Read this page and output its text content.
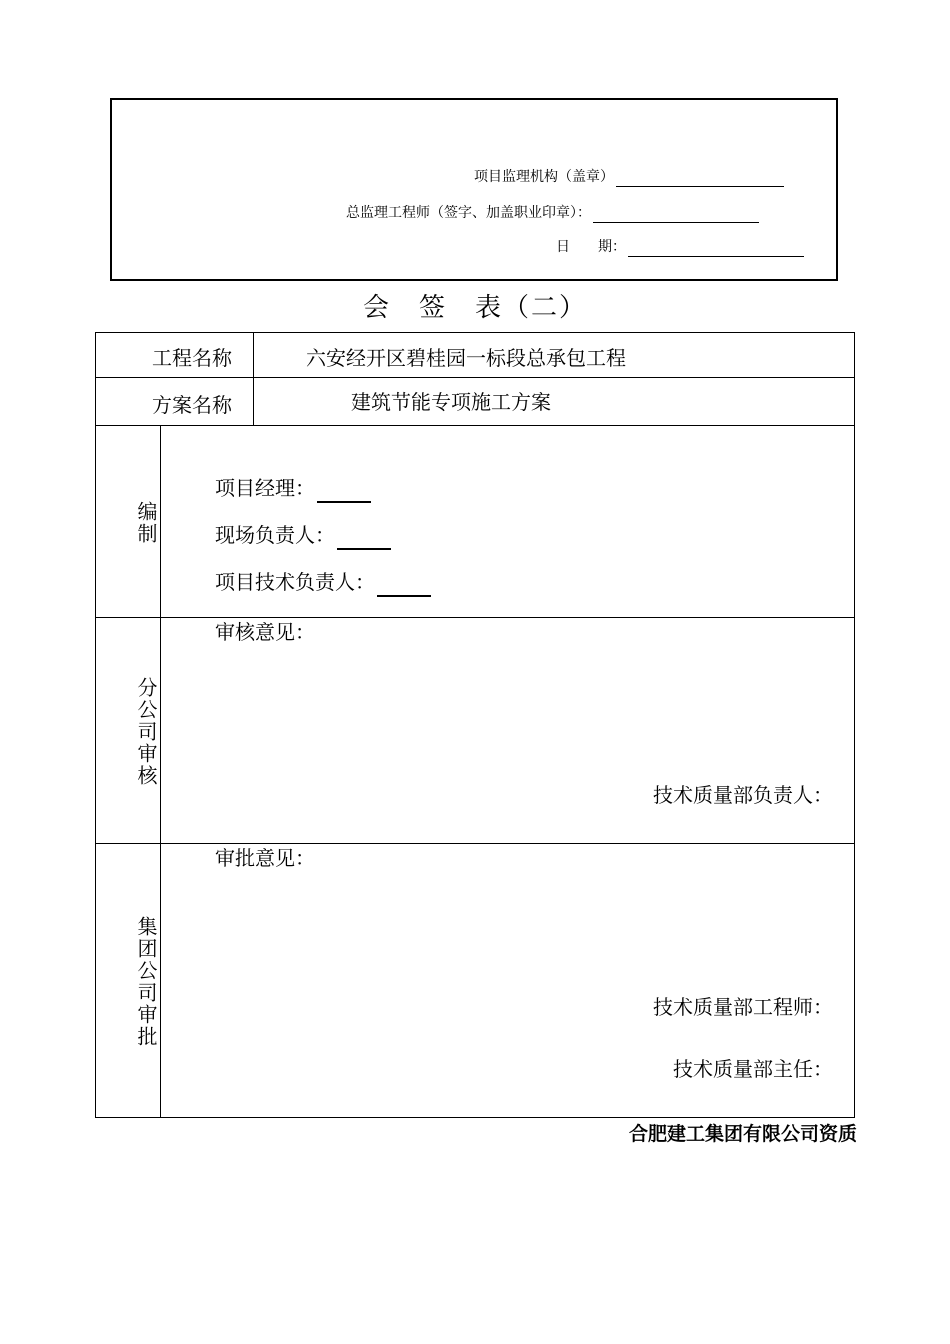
项目监理机构（盖章）
总监理工程师（签字、加盖职业印章）：
日　　期：
会　签　表（二）
工程名称	六安经开区碧桂园一标段总承包工程
方案名称	建筑节能专项施工方案
编制
项目经理：
现场负责人：
项目技术负责人：
分公司审核
审核意见：
技术质量部负责人：
集团公司审批
审批意见：
技术质量部工程师：
技术质量部主任：
合肥建工集团有限公司资质
